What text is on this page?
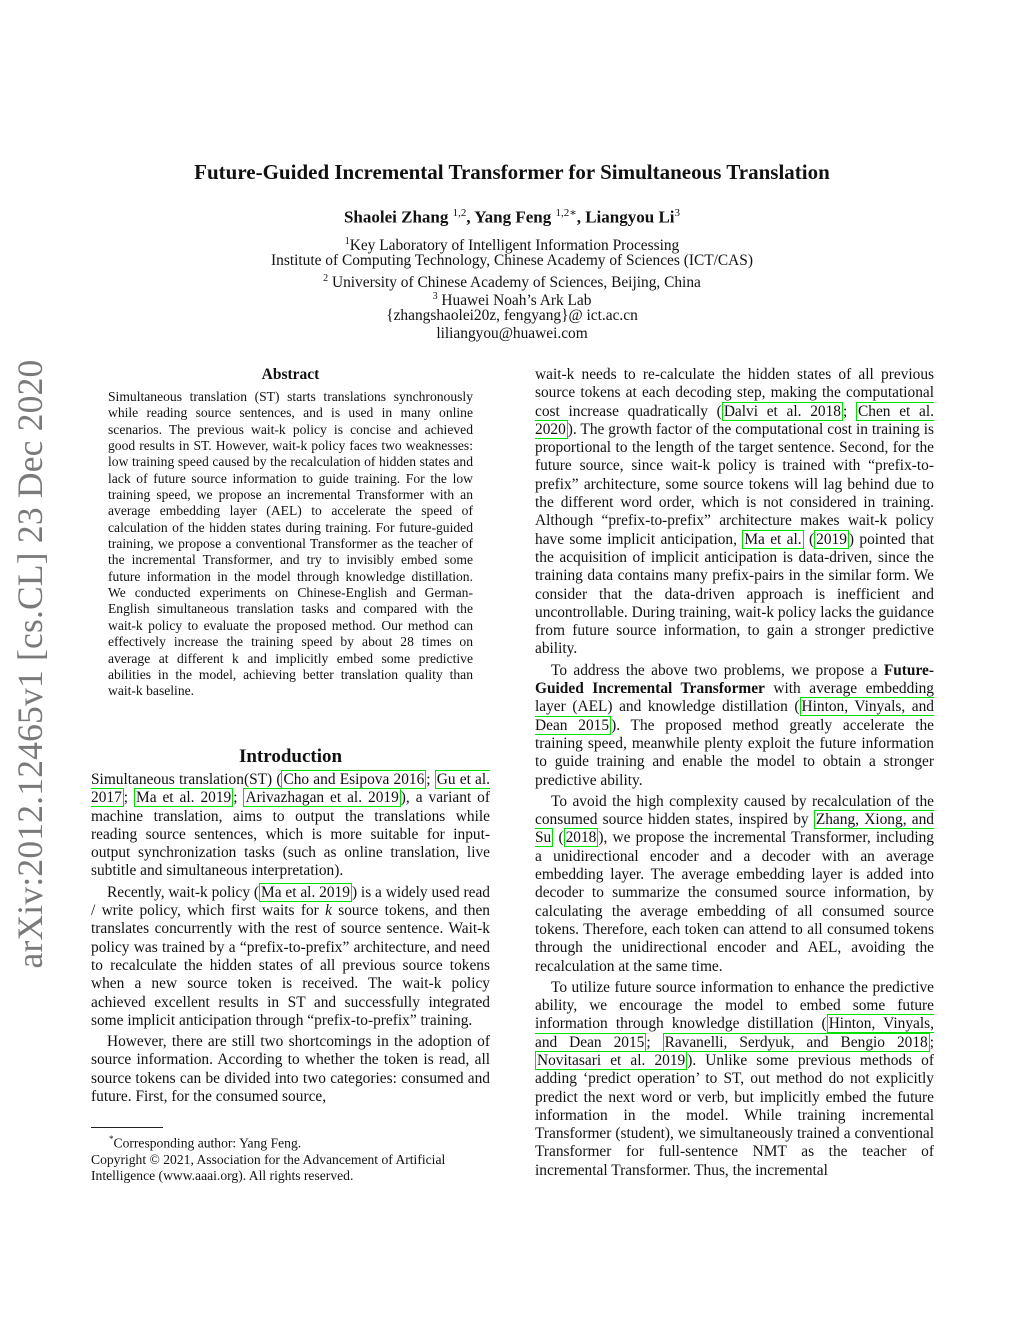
arXiv:2012.12465v1 [cs.CL] 23 Dec 2020
Future-Guided Incremental Transformer for Simultaneous Translation
Shaolei Zhang $^{1,2}$, Yang Feng $^{1,2∗}$, Liangyou Li$^3$
$^1$Key Laboratory of Intelligent Information Processing
Institute of Computing Technology, Chinese Academy of Sciences (ICT/CAS)
$^2$ University of Chinese Academy of Sciences, Beijing, China
$^3$ Huawei Noah’s Ark Lab
{zhangshaolei20z, fengyang}@ ict.ac.cn
liliangyou@huawei.com
Abstract
Simultaneous translation (ST) starts translations synchronously while reading source sentences, and is used in many online scenarios. The previous wait-k policy is concise and achieved good results in ST. However, wait-k policy faces two weaknesses: low training speed caused by the recalculation of hidden states and lack of future source information to guide training. For the low training speed, we propose an incremental Transformer with an average embedding layer (AEL) to accelerate the speed of calculation of the hidden states during training. For future-guided training, we propose a conventional Transformer as the teacher of the incremental Transformer, and try to invisibly embed some future information in the model through knowledge distillation. We conducted experiments on Chinese-English and German-English simultaneous translation tasks and compared with the wait-k policy to evaluate the proposed method. Our method can effectively increase the training speed by about 28 times on average at different k and implicitly embed some predictive abilities in the model, achieving better translation quality than wait-k baseline.
Introduction

Simultaneous translation(ST) ( Cho and Esipova 2016 ; Gu et al. 2017 ; Ma et al. 2019 ; Arivazhagan et al. 2019 ), a variant of machine translation, aims to output the translations while reading source sentences, which is more suitable for input-output synchronization tasks (such as online translation, live subtitle and simultaneous interpretation).

Recently, wait-k policy ( Ma et al. 2019 ) is a widely used read / write policy, which first waits for k source tokens, and then translates concurrently with the rest of source sentence. Wait-k policy was trained by a “prefix-to-prefix” architecture, and need to recalculate the hidden states of all previous source tokens when a new source token is received. The wait-k policy achieved excellent results in ST and successfully integrated some implicit anticipation through “prefix-to-prefix” training.

However, there are still two shortcomings in the adoption of source information. According to whether the token is read, all source tokens can be divided into two categories: consumed and future. First, for the consumed source,

*Corresponding author: Yang Feng.

Copyright © 2021, Association for the Advancement of Artificial Intelligence (www.aaai.org). All rights reserved.

wait-k needs to re-calculate the hidden states of all previous source tokens at each decoding step, making the computational cost increase quadratically ( Dalvi et al. 2018 ; Chen et al. 2020 ). The growth factor of the computational cost in training is proportional to the length of the target sentence. Second, for the future source, since wait-k policy is trained with “prefix-to-prefix” architecture, some source tokens will lag behind due to the different word order, which is not considered in training. Although “prefix-to-prefix” architecture makes wait-k policy have some implicit anticipation, Ma et al. ( 2019 ) pointed that the acquisition of implicit anticipation is data-driven, since the training data contains many prefix-pairs in the similar form. We consider that the data-driven approach is inefficient and uncontrollable. During training, wait-k policy lacks the guidance from future source information, to gain a stronger predictive ability.

To address the above two problems, we propose a Future-Guided Incremental Transformer with average embedding layer (AEL) and knowledge distillation ( Hinton, Vinyals, and Dean 2015 ). The proposed method greatly accelerate the training speed, meanwhile plenty exploit the future information to guide training and enable the model to obtain a stronger predictive ability.

To avoid the high complexity caused by recalculation of the consumed source hidden states, inspired by Zhang, Xiong, and Su ( 2018 ), we propose the incremental Transformer, including a unidirectional encoder and a decoder with an average embedding layer. The average embedding layer is added into decoder to summarize the consumed source information, by calculating the average embedding of all consumed source tokens. Therefore, each token can attend to all consumed tokens through the unidirectional encoder and AEL, avoiding the recalculation at the same time.

To utilize future source information to enhance the predictive ability, we encourage the model to embed some future information through knowledge distillation ( Hinton, Vinyals, and Dean 2015 ; Ravanelli, Serdyuk, and Bengio 2018 ; Novitasari et al. 2019 ). Unlike some previous methods of adding ‘predict operation’ to ST, out method do not explicitly predict the next word or verb, but implicitly embed the future information in the model. While training incremental Transformer (student), we simultaneously trained a conventional Transformer for full-sentence NMT as the teacher of incremental Transformer. Thus, the incremental
